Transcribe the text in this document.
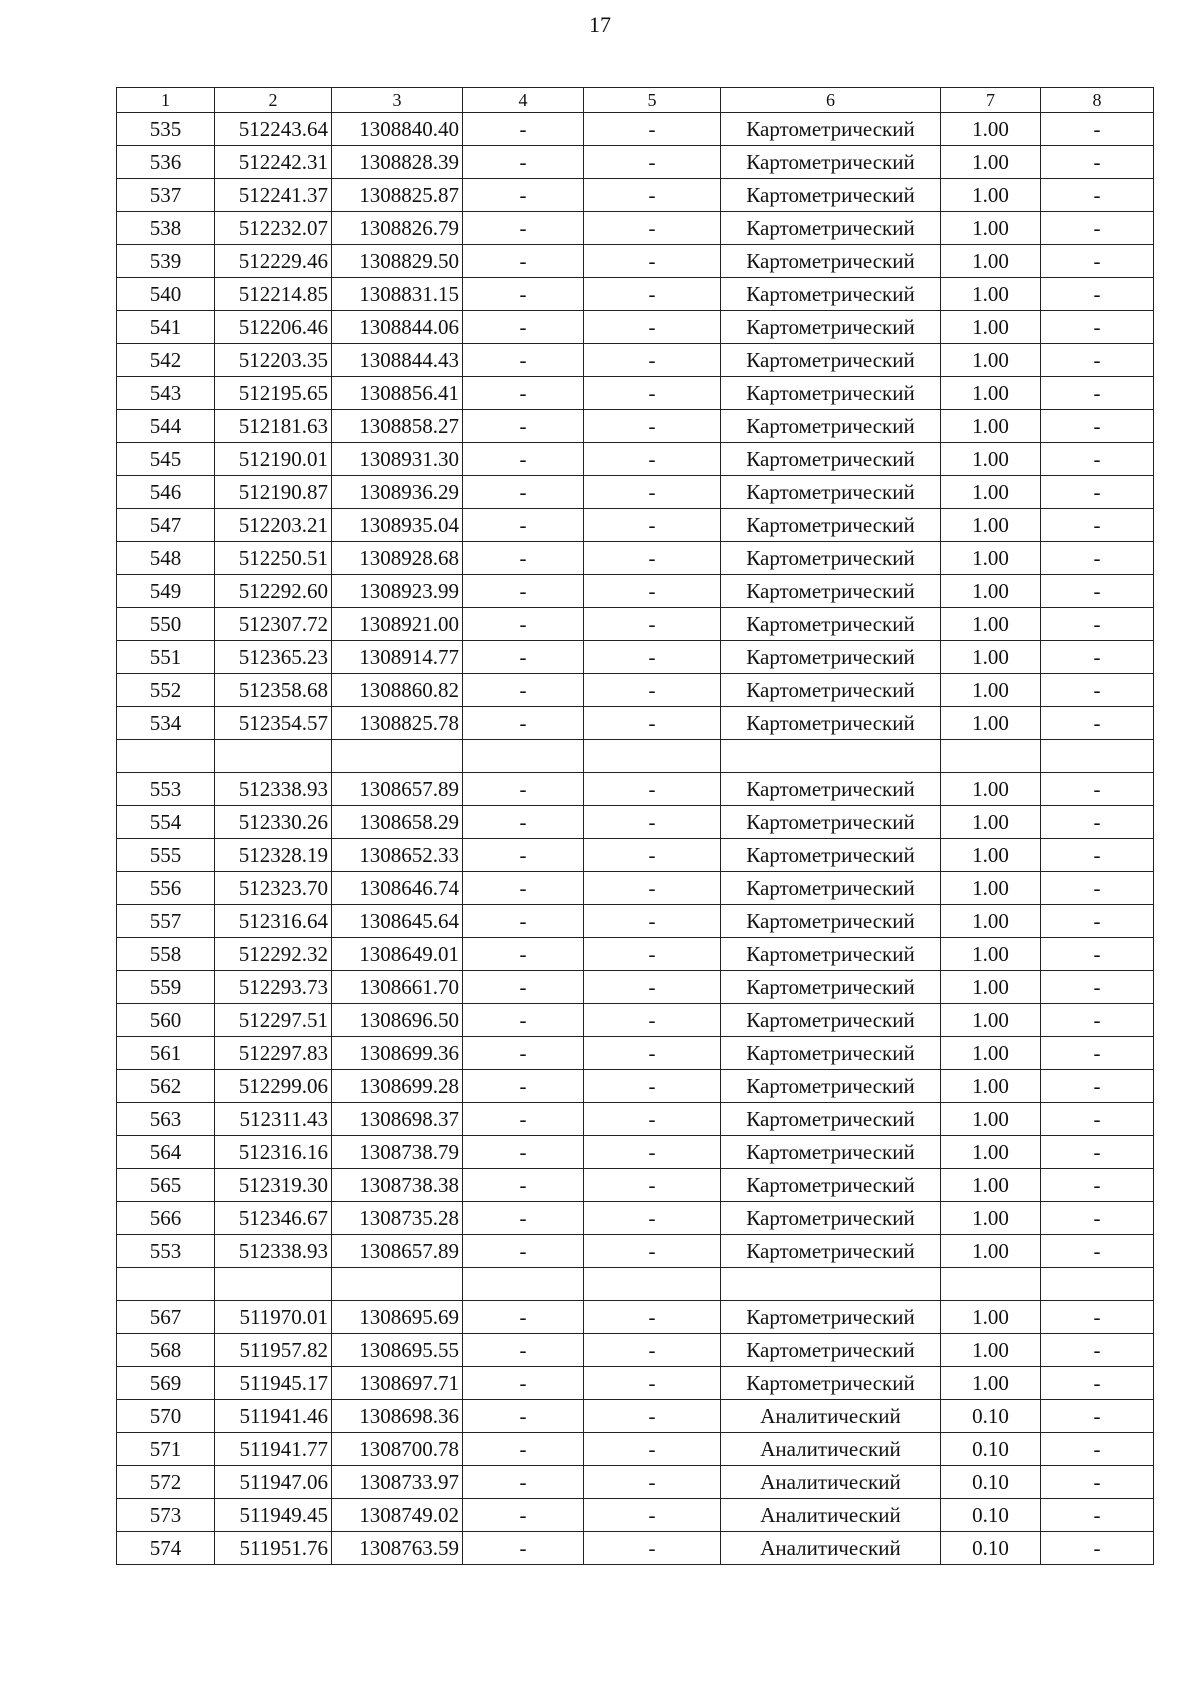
17
1	2	3	4	5	6	7	8
535	512243.64	1308840.40	-	-	Картометрический	1.00	-
536	512242.31	1308828.39	-	-	Картометрический	1.00	-
537	512241.37	1308825.87	-	-	Картометрический	1.00	-
538	512232.07	1308826.79	-	-	Картометрический	1.00	-
539	512229.46	1308829.50	-	-	Картометрический	1.00	-
540	512214.85	1308831.15	-	-	Картометрический	1.00	-
541	512206.46	1308844.06	-	-	Картометрический	1.00	-
542	512203.35	1308844.43	-	-	Картометрический	1.00	-
543	512195.65	1308856.41	-	-	Картометрический	1.00	-
544	512181.63	1308858.27	-	-	Картометрический	1.00	-
545	512190.01	1308931.30	-	-	Картометрический	1.00	-
546	512190.87	1308936.29	-	-	Картометрический	1.00	-
547	512203.21	1308935.04	-	-	Картометрический	1.00	-
548	512250.51	1308928.68	-	-	Картометрический	1.00	-
549	512292.60	1308923.99	-	-	Картометрический	1.00	-
550	512307.72	1308921.00	-	-	Картометрический	1.00	-
551	512365.23	1308914.77	-	-	Картометрический	1.00	-
552	512358.68	1308860.82	-	-	Картометрический	1.00	-
534	512354.57	1308825.78	-	-	Картометрический	1.00	-

553	512338.93	1308657.89	-	-	Картометрический	1.00	-
554	512330.26	1308658.29	-	-	Картометрический	1.00	-
555	512328.19	1308652.33	-	-	Картометрический	1.00	-
556	512323.70	1308646.74	-	-	Картометрический	1.00	-
557	512316.64	1308645.64	-	-	Картометрический	1.00	-
558	512292.32	1308649.01	-	-	Картометрический	1.00	-
559	512293.73	1308661.70	-	-	Картометрический	1.00	-
560	512297.51	1308696.50	-	-	Картометрический	1.00	-
561	512297.83	1308699.36	-	-	Картометрический	1.00	-
562	512299.06	1308699.28	-	-	Картометрический	1.00	-
563	512311.43	1308698.37	-	-	Картометрический	1.00	-
564	512316.16	1308738.79	-	-	Картометрический	1.00	-
565	512319.30	1308738.38	-	-	Картометрический	1.00	-
566	512346.67	1308735.28	-	-	Картометрический	1.00	-
553	512338.93	1308657.89	-	-	Картометрический	1.00	-

567	511970.01	1308695.69	-	-	Картометрический	1.00	-
568	511957.82	1308695.55	-	-	Картометрический	1.00	-
569	511945.17	1308697.71	-	-	Картометрический	1.00	-
570	511941.46	1308698.36	-	-	Аналитический	0.10	-
571	511941.77	1308700.78	-	-	Аналитический	0.10	-
572	511947.06	1308733.97	-	-	Аналитический	0.10	-
573	511949.45	1308749.02	-	-	Аналитический	0.10	-
574	511951.76	1308763.59	-	-	Аналитический	0.10	-
